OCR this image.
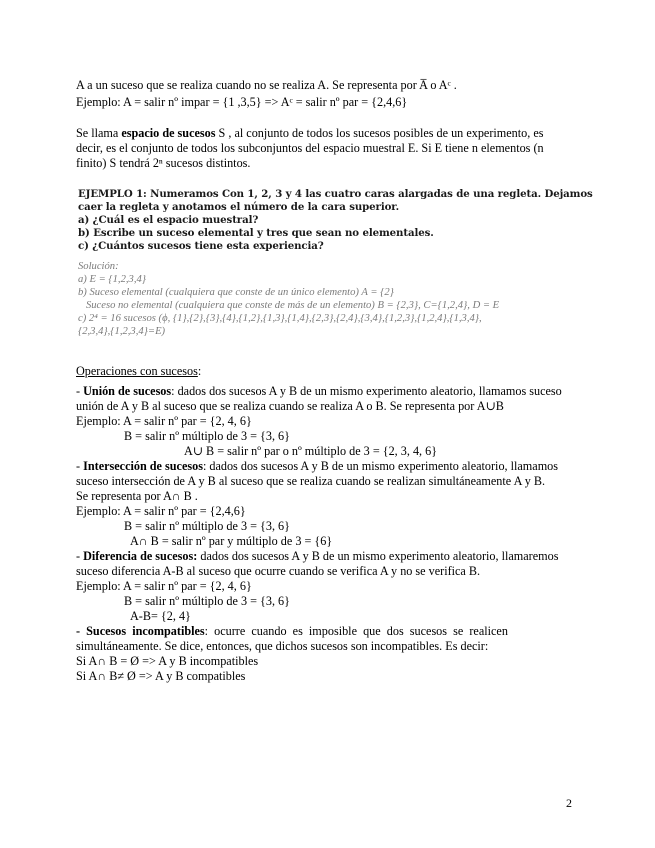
A a un suceso que se realiza cuando no se realiza A. Se representa por A̅ o Aᶜ .
Ejemplo: A = salir nº impar = {1 ,3,5} => Aᶜ = salir nº par = {2,4,6}
Se llama espacio de sucesos S , al conjunto de todos los sucesos posibles de un experimento, es
decir, es el conjunto de todos los subconjuntos del espacio muestral E. Si E tiene n elementos (n
finito) S tendrá 2ⁿ sucesos distintos.
EJEMPLO 1: Numeramos Con 1, 2, 3 y 4 las cuatro caras alargadas de una regleta. Dejamos
caer la regleta y anotamos el número de la cara superior.
a) ¿Cuál es el espacio muestral?
b) Escribe un suceso elemental y tres que sean no elementales.
c) ¿Cuántos sucesos tiene esta experiencia?
Solución:
a) E = {1,2,3,4}
b) Suceso elemental (cualquiera que conste de un único elemento) A = {2}
Suceso no elemental (cualquiera que conste de más de un elemento) B = {2,3}, C={1,2,4}, D = E
c) 2⁴ = 16 sucesos (ϕ, {1},{2},{3},{4},{1,2},{1,3},{1,4},{2,3},{2,4},{3,4},{1,2,3},{1,2,4},{1,3,4},
{2,3,4},{1,2,3,4}=E)
Operaciones con sucesos:
- Unión de sucesos: dados dos sucesos A y B de un mismo experimento aleatorio, llamamos suceso
unión de A y B al suceso que se realiza cuando se realiza A o B. Se representa por A∪B
Ejemplo: A = salir nº par = {2, 4, 6}
B = salir nº múltiplo de 3 = {3, 6}
A∪ B = salir nº par o nº múltiplo de 3 = {2, 3, 4, 6}
- Intersección de sucesos: dados dos sucesos A y B de un mismo experimento aleatorio, llamamos
suceso intersección de A y B al suceso que se realiza cuando se realizan simultáneamente A y B.
Se representa por A∩ B .
Ejemplo: A = salir nº par = {2,4,6}
B = salir nº múltiplo de 3 = {3, 6}
A∩ B = salir nº par y múltiplo de 3 = {6}
- Diferencia de sucesos: dados dos sucesos A y B de un mismo experimento aleatorio, llamaremos
suceso diferencia A-B al suceso que ocurre cuando se verifica A y no se verifica B.
Ejemplo: A = salir nº par = {2, 4, 6}
B = salir nº múltiplo de 3 = {3, 6}
A-B= {2, 4}
-  Sucesos  incompatibles:  ocurre  cuando  es  imposible  que  dos  sucesos  se  realicen
simultáneamente. Se dice, entonces, que dichos sucesos son incompatibles. Es decir:
Si A∩ B = Ø => A y B incompatibles
Si A∩ B≠ Ø => A y B compatibles
2
